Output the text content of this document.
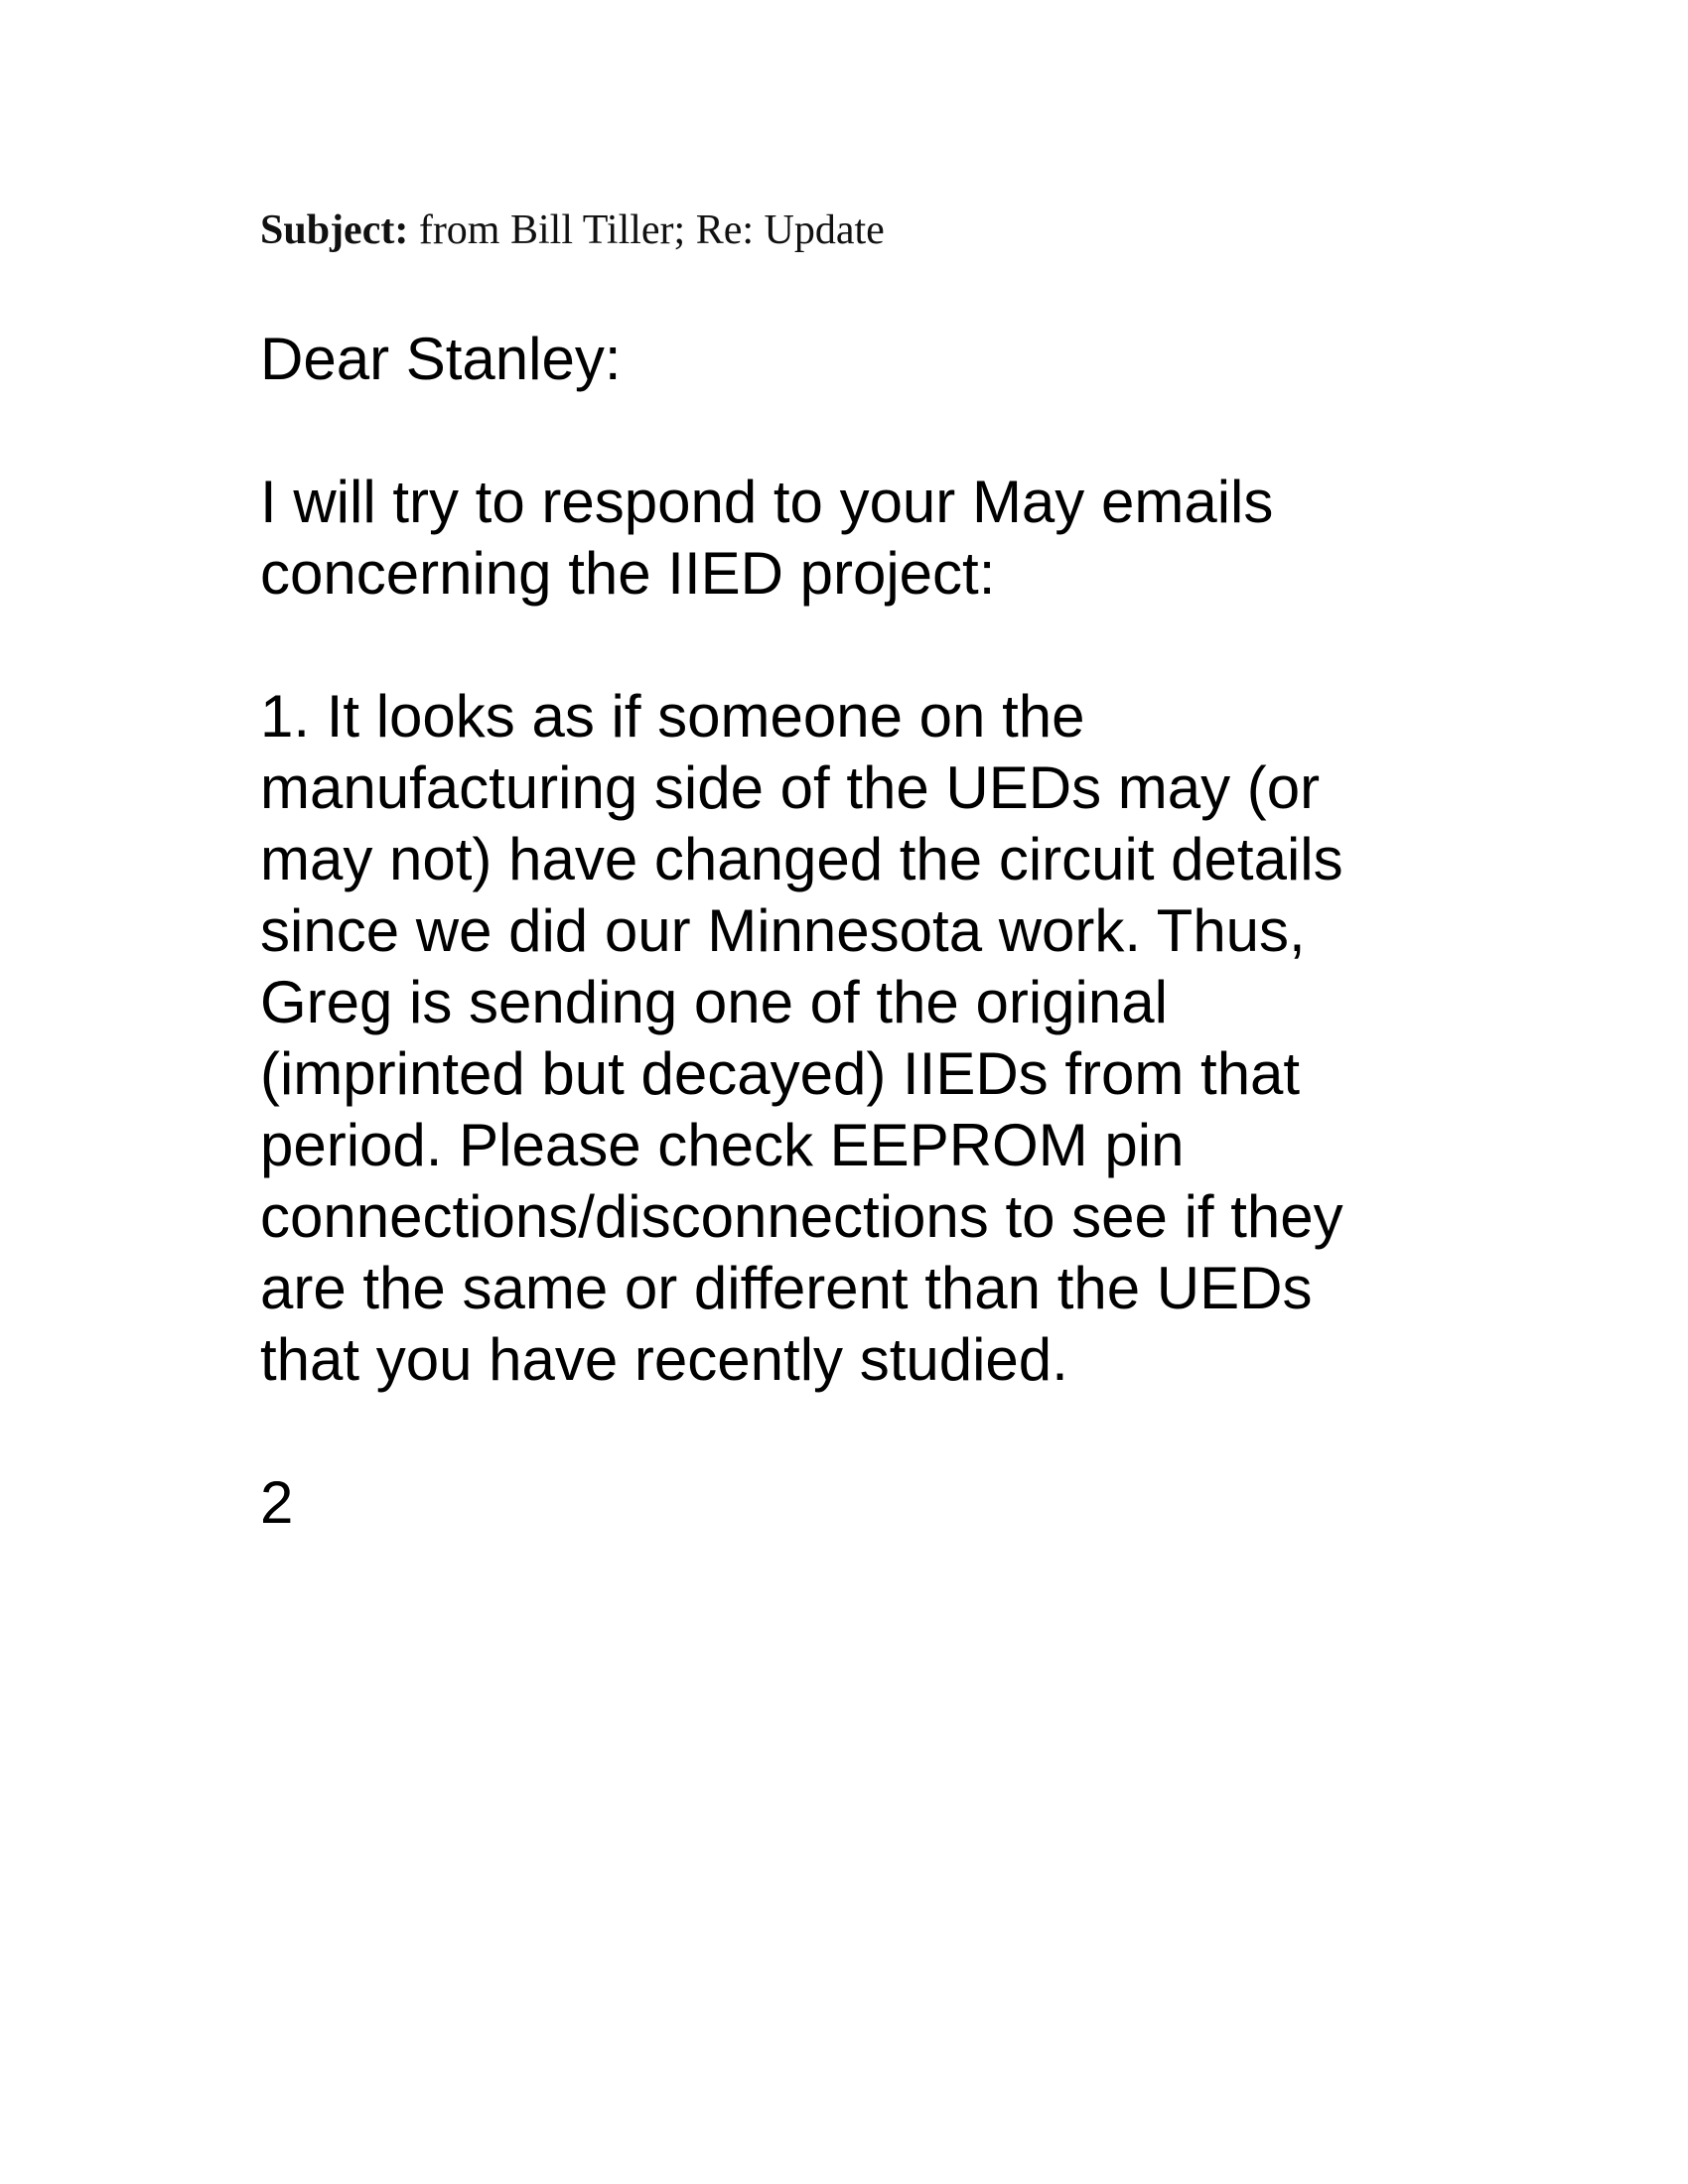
Subject: from Bill Tiller; Re: Update

Dear Stanley:

I will try to respond to your May emails
concerning the IIED project:

1. It looks as if someone on the
manufacturing side of the UEDs may (or
may not) have changed the circuit details
since we did our Minnesota work. Thus,
Greg is sending one of the original
(imprinted but decayed) IIEDs from that
period. Please check EEPROM pin
connections/disconnections to see if they
are the same or different than the UEDs
that you have recently studied.

2
